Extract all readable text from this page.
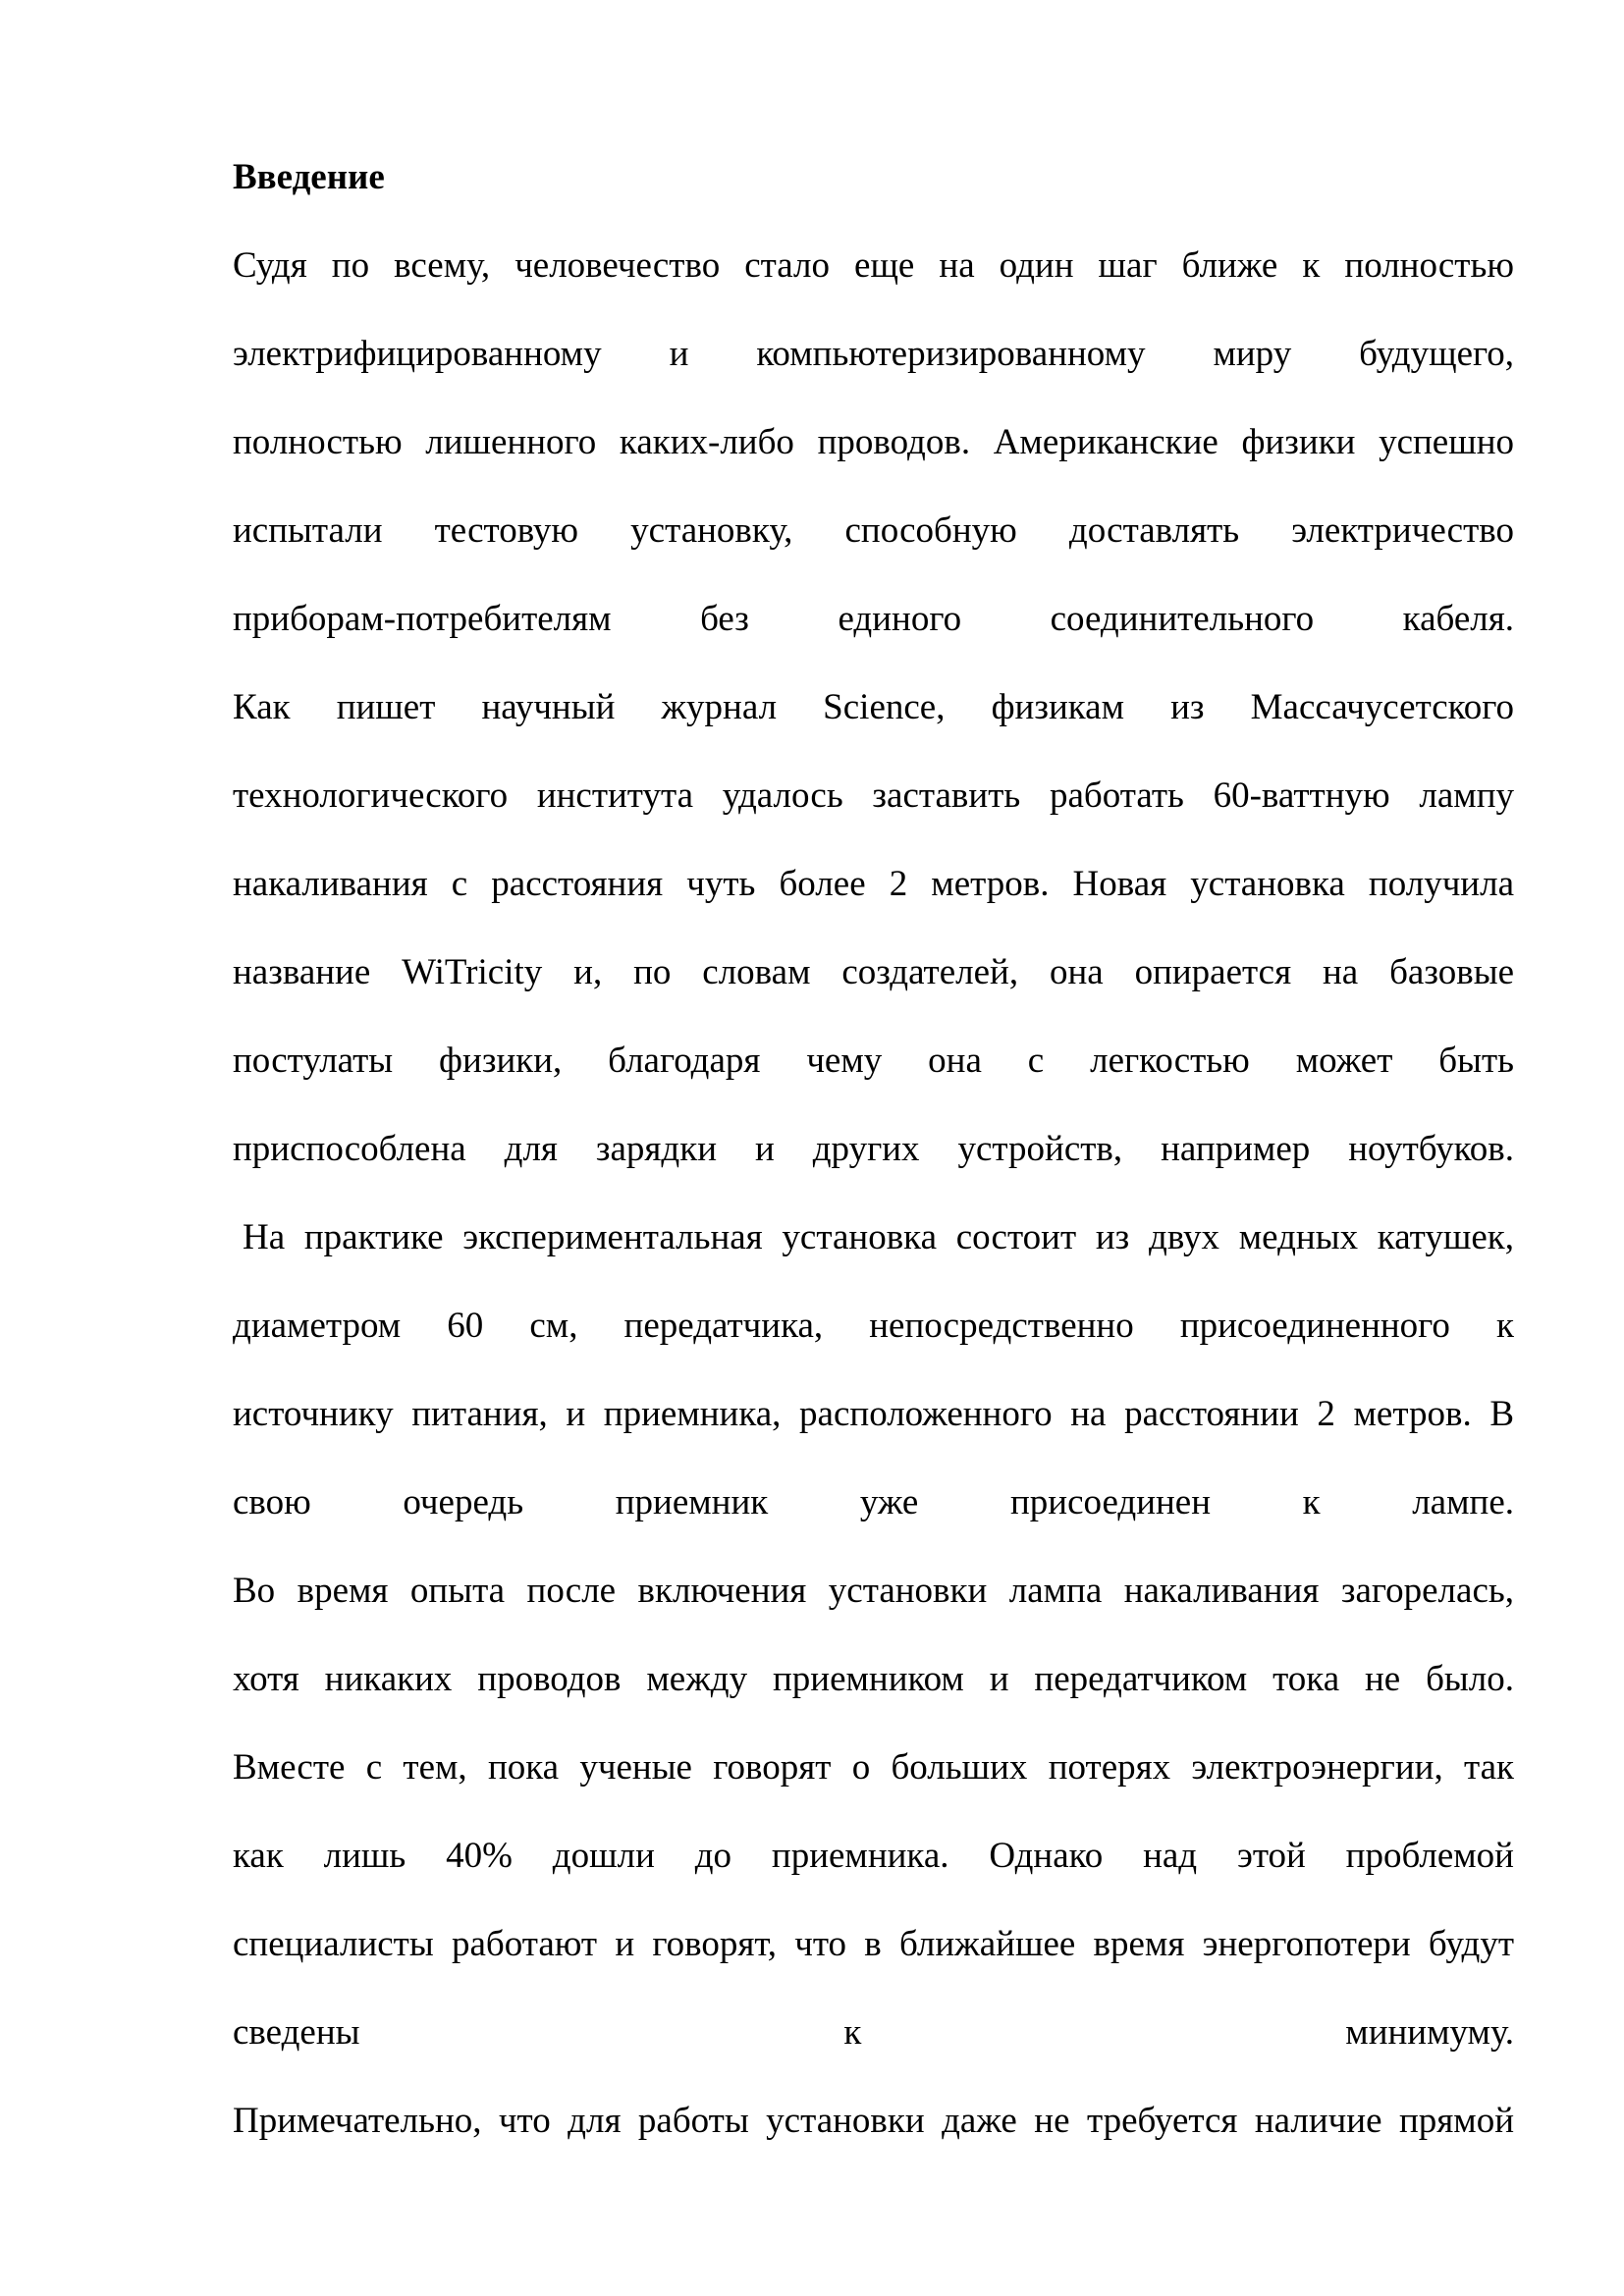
Введение
Судя по всему, человечество стало еще на один шаг ближе к полностью
электрифицированному и компьютеризированному миру будущего,
полностью лишенного каких-либо проводов. Американские физики успешно
испытали тестовую установку, способную доставлять электричество
приборам-потребителям без единого соединительного кабеля.
Как пишет научный журнал Science, физикам из Массачусетского
технологического института удалось заставить работать 60-ваттную лампу
накаливания с расстояния чуть более 2 метров. Новая установка получила
название WiTricity и, по словам создателей, она опирается на базовые
постулаты физики, благодаря чему она с легкостью может быть
приспособлена для зарядки и других устройств, например ноутбуков.
На практике экспериментальная установка состоит из двух медных катушек,
диаметром 60 см, передатчика, непосредственно присоединенного к
источнику питания, и приемника, расположенного на расстоянии 2 метров. В
свою очередь приемник уже присоединен к лампе.
Во время опыта после включения установки лампа накаливания загорелась,
хотя никаких проводов между приемником и передатчиком тока не было.
Вместе с тем, пока ученые говорят о больших потерях электроэнергии, так
как лишь 40% дошли до приемника. Однако над этой проблемой
специалисты работают и говорят, что в ближайшее время энергопотери будут
сведены к минимуму.
Примечательно, что для работы установки даже не требуется наличие прямой
